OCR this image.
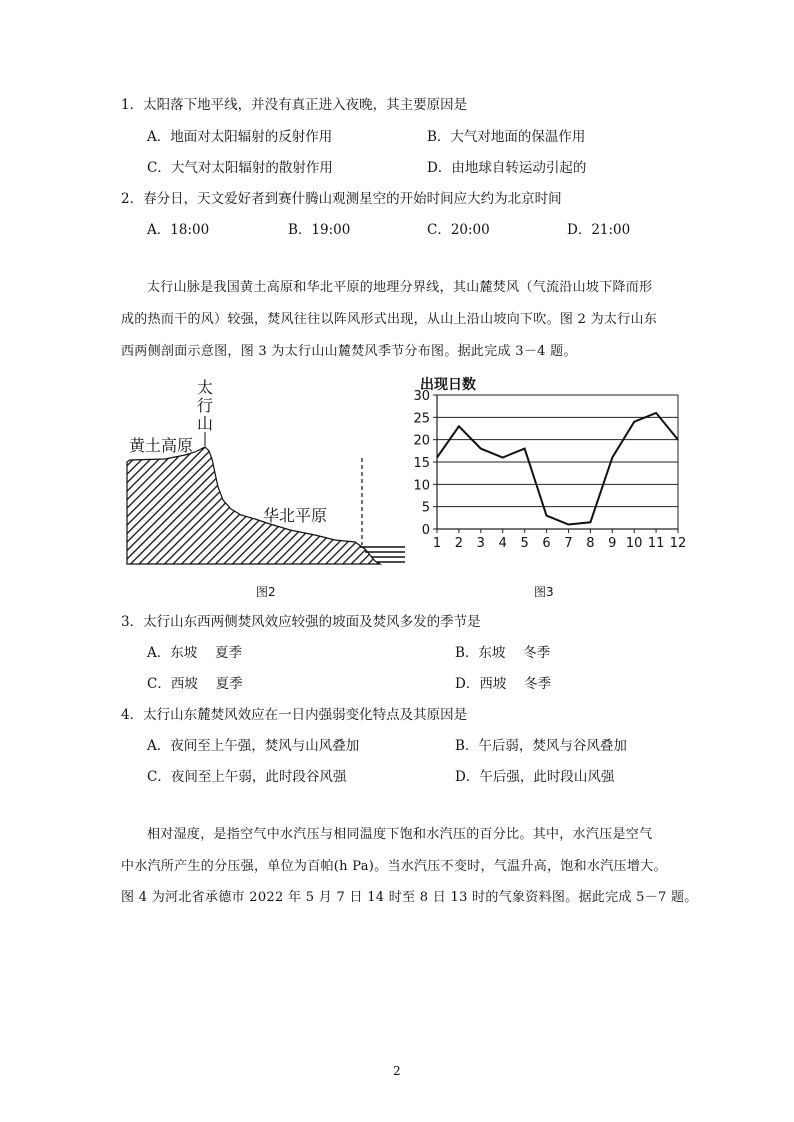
1．太阳落下地平线，并没有真正进入夜晚，其主要原因是
A．地面对太阳辐射的反射作用	B．大气对地面的保温作用
C．大气对太阳辐射的散射作用	D．由地球自转运动引起的
2．春分日，天文爱好者到赛什腾山观测星空的开始时间应大约为北京时间
A．18:00	B．19:00	C．20:00	D．21:00
太行山脉是我国黄土高原和华北平原的地理分界线，其山麓焚风（气流沿山坡下降而形
成的热而干的风）较强，焚风往往以阵风形式出现，从山上沿山坡向下吹。图 2 为太行山东
西两侧剖面示意图，图 3 为太行山山麓焚风季节分布图。据此完成 3－4 题。
太
行
山
黄土高原
华北平原
图2
出现日数
0
5
10
15
20
25
30
1 2 3 4 5 6 7 8 9 10 11 12
图3
3．太行山东西两侧焚风效应较强的坡面及焚风多发的季节是
A．东坡　 夏季	B．东坡　 冬季
C．西坡　 夏季	D．西坡　 冬季
4．太行山东麓焚风效应在一日内强弱变化特点及其原因是
A．夜间至上午强，焚风与山风叠加	B．午后弱，焚风与谷风叠加
C．夜间至上午弱，此时段谷风强	D．午后强，此时段山风强
相对湿度，是指空气中水汽压与相同温度下饱和水汽压的百分比。其中，水汽压是空气
中水汽所产生的分压强，单位为百帕(h Pa)。当水汽压不变时，气温升高，饱和水汽压增大。
图 4 为河北省承德市 2022 年 5 月 7 日 14 时至 8 日 13 时的气象资料图。据此完成 5－7 题。
2
